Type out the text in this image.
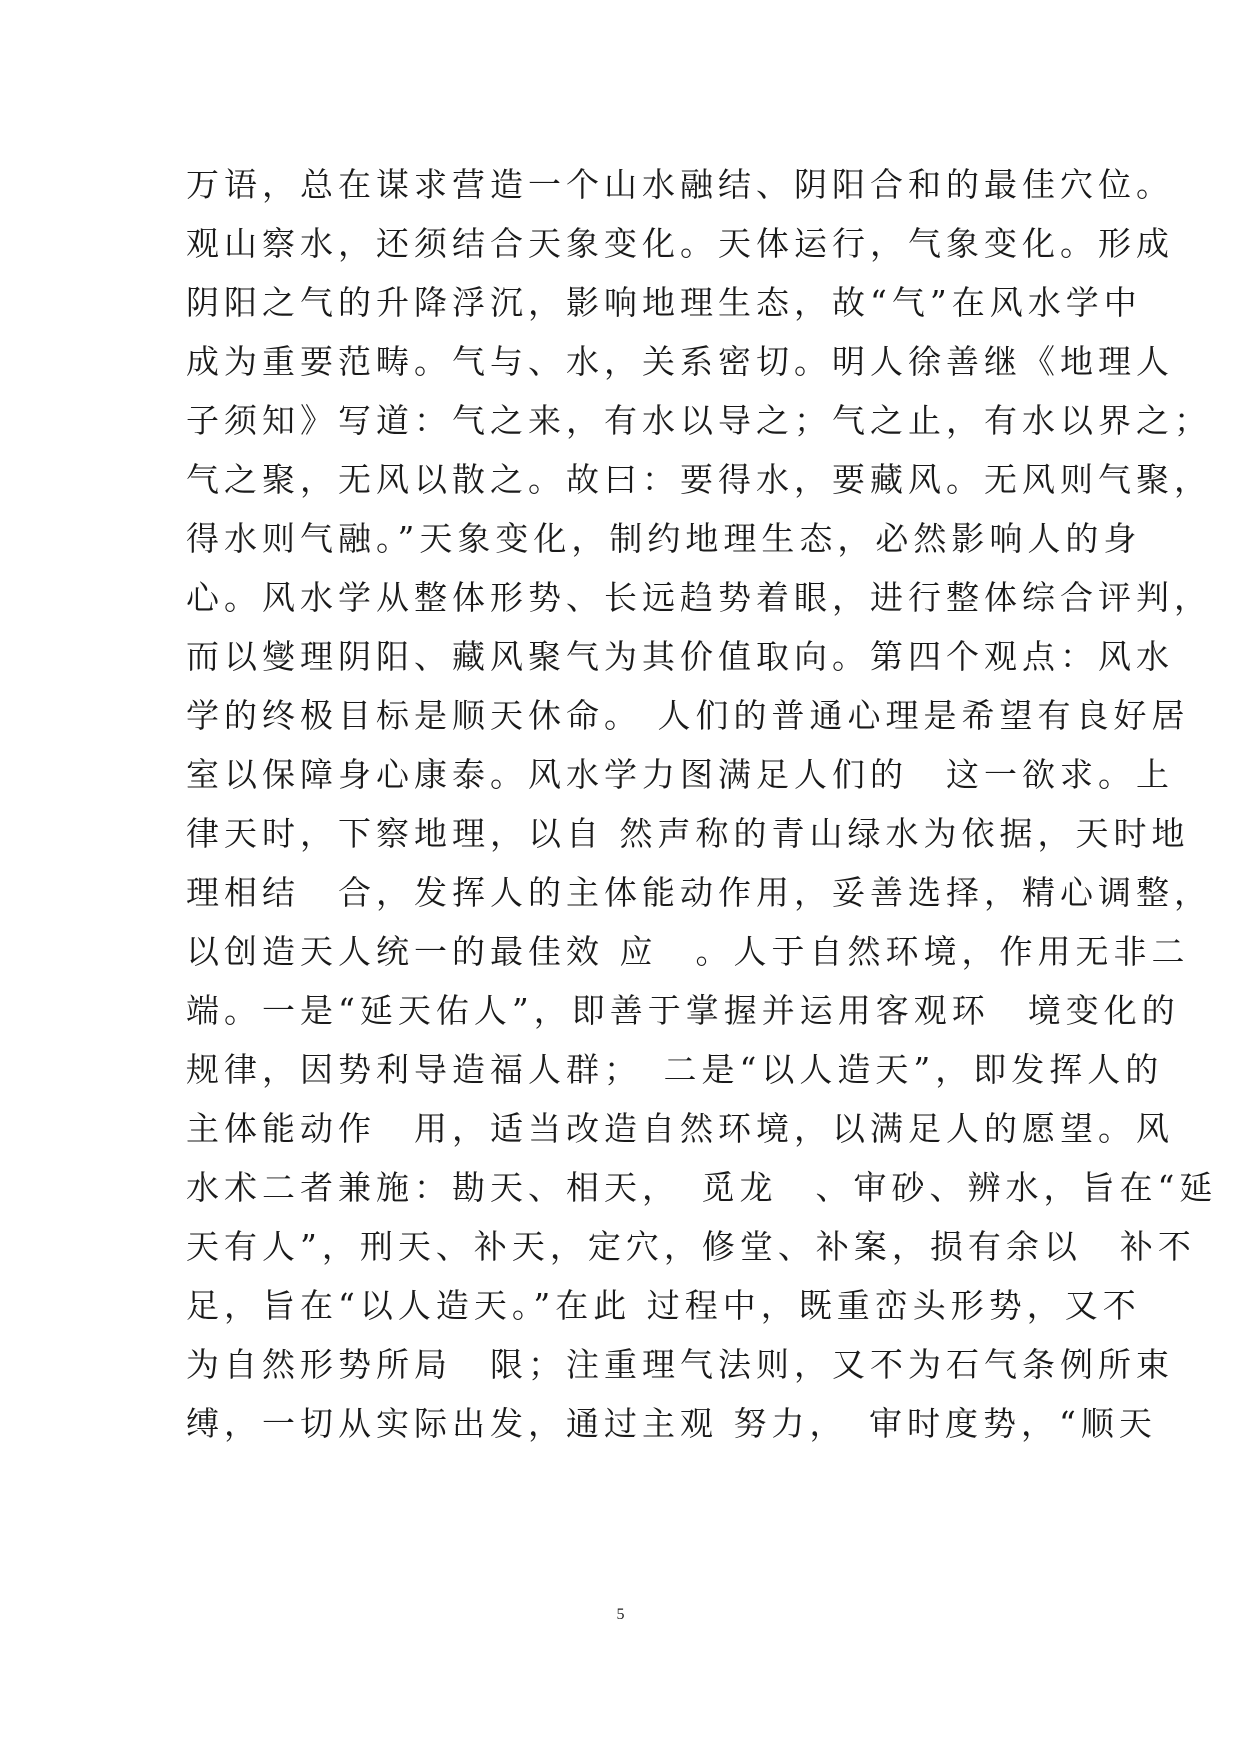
万语，总在谋求营造一个山水融结、阴阳合和的最佳穴位。
观山察水，还须结合天象变化。天体运行，气象变化。形成
阴阳之气的升降浮沉，影响地理生态，故“气”在风水学中
成为重要范畴。气与、水，关系密切。明人徐善继《地理人
子须知》写道：气之来，有水以导之；气之止，有水以界之；
气之聚，无风以散之。故曰：要得水，要藏风。无风则气聚，
得水则气融。”天象变化，制约地理生态，必然影响人的身
心。风水学从整体形势、长远趋势着眼，进行整体综合评判，
而以燮理阴阳、藏风聚气为其价值取向。第四个观点：风水
学的终极目标是顺天休命。 人们的普通心理是希望有良好居
室以保障身心康泰。风水学力图满足人们的　这一欲求。上
律天时，下察地理，以自 然声称的青山绿水为依据，天时地
理相结　合，发挥人的主体能动作用，妥善选择，精心调整，
以创造天人统一的最佳效 应　。人于自然环境，作用无非二
端。一是“延天佑人”，即善于掌握并运用客观环　境变化的
规律，因势利导造福人群；　二是“以人造天”，即发挥人的
主体能动作　用，适当改造自然环境，以满足人的愿望。风
水术二者兼施：勘天、相天，　觅龙　、审砂、辨水，旨在“延
天有人”，刑天、补天，定穴，修堂、补案，损有余以　补不
足，旨在“以人造天。”在此 过程中，既重峦头形势，又不
为自然形势所局　限；注重理气法则，又不为石气条例所束
缚，一切从实际出发，通过主观 努力，　审时度势，“顺天
5
